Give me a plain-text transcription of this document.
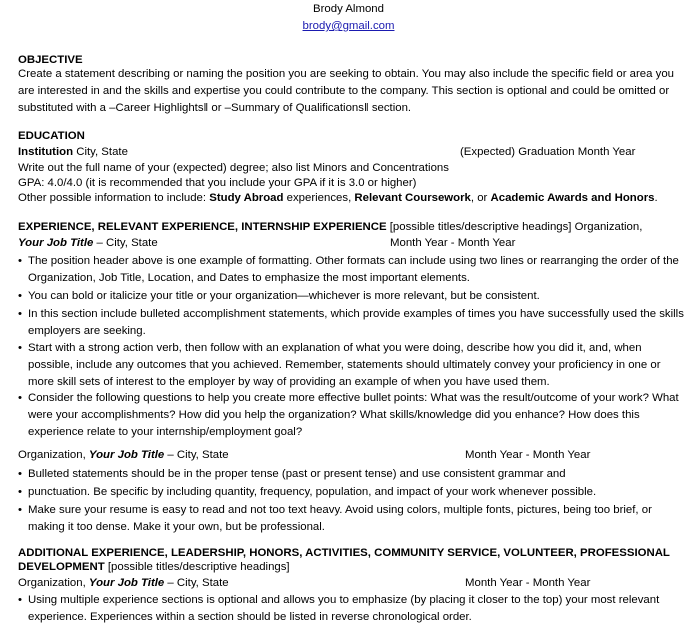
Brody Almond
brody@gmail.com
OBJECTIVE
Create a statement describing or naming the position you are seeking to obtain. You may also include the specific field or area you are interested in and the skills and expertise you could contribute to the company. This section is optional and could be omitted or substituted with a –Career Highlights‖ or –Summary of Qualifications‖ section.
EDUCATION
Institution City, State	(Expected) Graduation Month Year
Write out the full name of your (expected) degree; also list Minors and Concentrations
GPA: 4.0/4.0 (it is recommended that you include your GPA if it is 3.0 or higher)
Other possible information to include: Study Abroad experiences, Relevant Coursework, or Academic Awards and Honors.
EXPERIENCE, RELEVANT EXPERIENCE, INTERNSHIP EXPERIENCE [possible titles/descriptive headings] Organization,
Your Job Title – City, State	Month Year - Month Year
• The position header above is one example of formatting. Other formats can include using two lines or rearranging the order of the Organization, Job Title, Location, and Dates to emphasize the most important elements.
• You can bold or italicize your title or your organization—whichever is more relevant, but be consistent.
• In this section include bulleted accomplishment statements, which provide examples of times you have successfully used the skills employers are seeking.
• Start with a strong action verb, then follow with an explanation of what you were doing, describe how you did it, and, when possible, include any outcomes that you achieved. Remember, statements should ultimately convey your proficiency in one or more skill sets of interest to the employer by way of providing an example of when you have used them.
• Consider the following questions to help you create more effective bullet points: What was the result/outcome of your work? What were your accomplishments? How did you help the organization? What skills/knowledge did you enhance? How does this experience relate to your internship/employment goal?
Organization, Your Job Title – City, State	Month Year - Month Year
• Bulleted statements should be in the proper tense (past or present tense) and use consistent grammar and
• punctuation. Be specific by including quantity, frequency, population, and impact of your work whenever possible.
• Make sure your resume is easy to read and not too text heavy. Avoid using colors, multiple fonts, pictures, being too brief, or making it too dense. Make it your own, but be professional.
ADDITIONAL EXPERIENCE, LEADERSHIP, HONORS, ACTIVITIES, COMMUNITY SERVICE, VOLUNTEER, PROFESSIONAL DEVELOPMENT [possible titles/descriptive headings]
Organization, Your Job Title – City, State	Month Year - Month Year
• Using multiple experience sections is optional and allows you to emphasize (by placing it closer to the top) your most relevant experience. Experiences within a section should be listed in reverse chronological order.
